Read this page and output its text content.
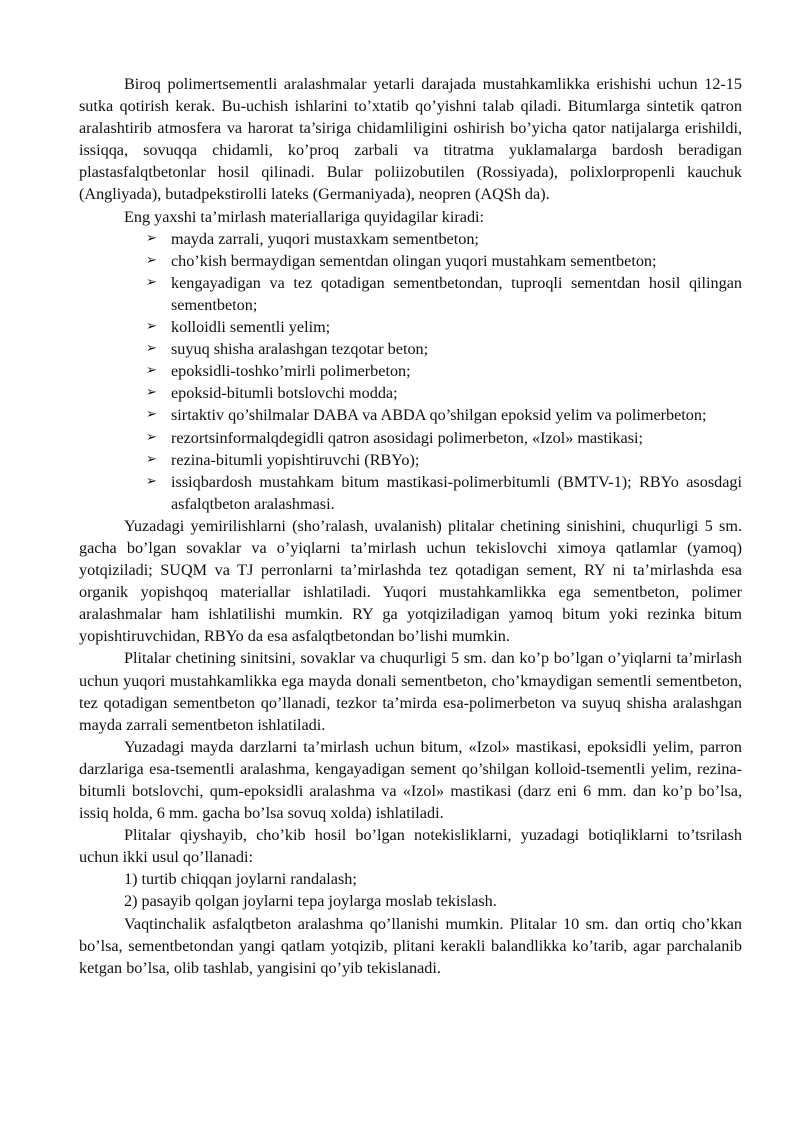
Biroq polimertsementli aralashmalar yetarli darajada mustahkamlikka erishishi uchun 12-15 sutka qotirish kerak. Bu-uchish ishlarini to’xtatib qo’yishni talab qiladi. Bitumlarga sintetik qatron aralashtirib atmosfera va harorat ta’siriga chidamliligini oshirish bo’yicha qator natijalarga erishildi, issiqqa, sovuqqa chidamli, ko’proq zarbali va titratma yuklamalarga bardosh beradigan plastasfalqtbetonlar hosil qilinadi. Bular poliizobutilen (Rossiyada), polixlorpropenli kauchuk (Angliyada), butadpekstirolli lateks (Germaniyada), neopren (AQSh da).

Eng yaxshi ta’mirlash materiallariga quyidagilar kiradi:

➢ mayda zarrali, yuqori mustaxkam sementbeton;
➢ cho’kish bermaydigan sementdan olingan yuqori mustahkam sementbeton;
➢ kengayadigan va tez qotadigan sementbetondan, tuproqli sementdan hosil qilingan sementbeton;
➢ kolloidli sementli yelim;
➢ suyuq shisha aralashgan tezqotar beton;
➢ epoksidli-toshko’mirli polimerbeton;
➢ epoksid-bitumli botslovchi modda;
➢ sirtaktiv qo’shilmalar DABA va ABDA qo’shilgan epoksid yelim va polimerbeton;
➢ rezortsinformalqdegidli qatron asosidagi polimerbeton, «Izol» mastikasi;
➢ rezina-bitumli yopishtiruvchi (RBYo);
➢ issiqbardosh mustahkam bitum mastikasi-polimerbitumli (BMTV-1); RBYo asosdagi asfalqtbeton aralashmasi.

Yuzadagi yemirilishlarni (sho’ralash, uvalanish) plitalar chetining sinishini, chuqurligi 5 sm. gacha bo’lgan sovaklar va o’yiqlarni ta’mirlash uchun tekislovchi ximoya qatlamlar (yamoq) yotqiziladi; SUQM va TJ perronlarni ta’mirlashda tez qotadigan sement, RY ni ta’mirlashda esa organik yopishqoq materiallar ishlatiladi. Yuqori mustahkamlikka ega sementbeton, polimer aralashmalar ham ishlatilishi mumkin. RY ga yotqiziladigan yamoq bitum yoki rezinka bitum yopishtiruvchidan, RBYo da esa asfalqtbetondan bo’lishi mumkin.

Plitalar chetining sinitsini, sovaklar va chuqurligi 5 sm. dan ko’p bo’lgan o’yiqlarni ta’mirlash uchun yuqori mustahkamlikka ega mayda donali sementbeton, cho’kmaydigan sementli sementbeton, tez qotadigan sementbeton qo’llanadi, tezkor ta’mirda esa-polimerbeton va suyuq shisha aralashgan mayda zarrali sementbeton ishlatiladi.

Yuzadagi mayda darzlarni ta’mirlash uchun bitum, «Izol» mastikasi, epoksidli yelim, parron darzlariga esa-tsementli aralashma, kengayadigan sement qo’shilgan kolloid-tsementli yelim, rezina-bitumli botslovchi, qum-epoksidli aralashma va «Izol» mastikasi (darz eni 6 mm. dan ko’p bo’lsa, issiq holda, 6 mm. gacha bo’lsa sovuq xolda) ishlatiladi.

Plitalar qiyshayib, cho’kib hosil bo’lgan notekisliklarni, yuzadagi botiqliklarni to’tsrilash uchun ikki usul qo’llanadi:

1) turtib chiqqan joylarni randalash;

2) pasayib qolgan joylarni tepa joylarga moslab tekislash.

Vaqtinchalik asfalqtbeton aralashma qo’llanishi mumkin. Plitalar 10 sm. dan ortiq cho’kkan bo’lsa, sementbetondan yangi qatlam yotqizib, plitani kerakli balandlikka ko’tarib, agar parchalanib ketgan bo’lsa, olib tashlab, yangisini qo’yib tekislanadi.
